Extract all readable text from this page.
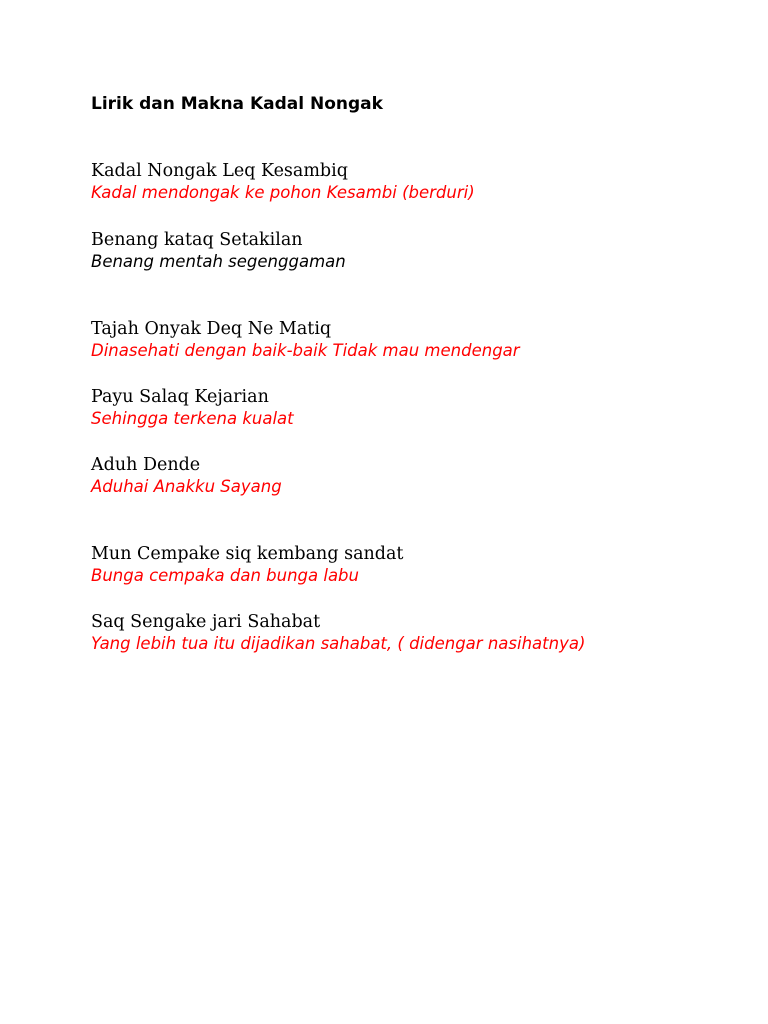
Lirik dan Makna Kadal Nongak
Kadal Nongak Leq Kesambiq
Kadal mendongak ke pohon Kesambi (berduri)
Benang kataq Setakilan
Benang mentah segenggaman
Tajah Onyak Deq Ne Matiq
Dinasehati dengan baik-baik Tidak mau mendengar
Payu Salaq Kejarian
Sehingga terkena kualat
Aduh Dende
Aduhai Anakku Sayang
Mun Cempake siq kembang sandat
Bunga cempaka dan bunga labu
Saq Sengake jari Sahabat
Yang lebih tua itu dijadikan sahabat, ( didengar nasihatnya)
